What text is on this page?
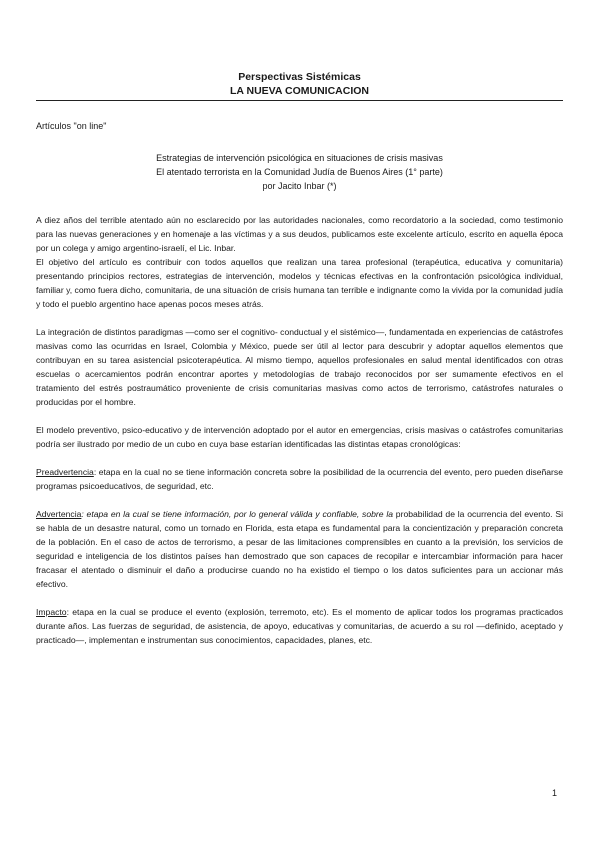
Perspectivas Sistémicas
LA NUEVA COMUNICACION
Artículos "on line"
Estrategias de intervención psicológica en situaciones de crisis masivas
El atentado terrorista en la Comunidad Judía de Buenos Aires (1° parte)
por Jacito Inbar (*)

A diez años del terrible atentado aún no esclarecido por las autoridades nacionales, como recordatorio a la sociedad, como testimonio para las nuevas generaciones y en homenaje a las víctimas y a sus deudos, publicamos este excelente artículo, escrito en aquella época por un colega y amigo argentino-israelí, el Lic. Inbar.

El objetivo del artículo es contribuir con todos aquellos que realizan una tarea profesional (terapéutica, educativa y comunitaria) presentando principios rectores, estrategias de intervención, modelos y técnicas efectivas en la confrontación psicológica individual, familiar y, como fuera dicho, comunitaria, de una situación de crisis humana tan terrible e indignante como la vivida por la comunidad judía y todo el pueblo argentino hace apenas pocos meses atrás.

La integración de distintos paradigmas —como ser el cognitivo- conductual y el sistémico—, fundamentada en experiencias de catástrofes masivas como las ocurridas en Israel, Colombia y México, puede ser útil al lector para descubrir y adoptar aquellos elementos que contribuyan en su tarea asistencial psicoterapéutica. Al mismo tiempo, aquellos profesionales en salud mental identificados con otras escuelas o acercamientos podrán encontrar aportes y metodologías de trabajo reconocidos por ser sumamente efectivos en el tratamiento del estrés postraumático proveniente de crisis comunitarias masivas como actos de terrorismo, catástrofes naturales o producidas por el hombre.

El modelo preventivo, psico-educativo y de intervención adoptado por el autor en emergencias, crisis masivas o catástrofes comunitarias podría ser ilustrado por medio de un cubo en cuya base estarían identificadas las distintas etapas cronológicas:

Preadvertencia: etapa en la cual no se tiene información concreta sobre la posibilidad de la ocurrencia del evento, pero pueden diseñarse programas psicoeducativos, de seguridad, etc.

Advertencia: etapa en la cual se tiene información, por lo general válida y confiable, sobre la probabilidad de la ocurrencia del evento. Si se habla de un desastre natural, como un tornado en Florida, esta etapa es fundamental para la concientización y preparación concreta de la población. En el caso de actos de terrorismo, a pesar de las limitaciones comprensibles en cuanto a la previsión, los servicios de seguridad e inteligencia de los distintos países han demostrado que son capaces de recopilar e intercambiar información para hacer fracasar el atentado o disminuir el daño a producirse cuando no ha existido el tiempo o los datos suficientes para un accionar más efectivo.

Impacto: etapa en la cual se produce el evento (explosión, terremoto, etc). Es el momento de aplicar todos los programas practicados durante años. Las fuerzas de seguridad, de asistencia, de apoyo, educativas y comunitarias, de acuerdo a su rol —definido, aceptado y practicado—, implementan e instrumentan sus conocimientos, capacidades, planes, etc.

1
